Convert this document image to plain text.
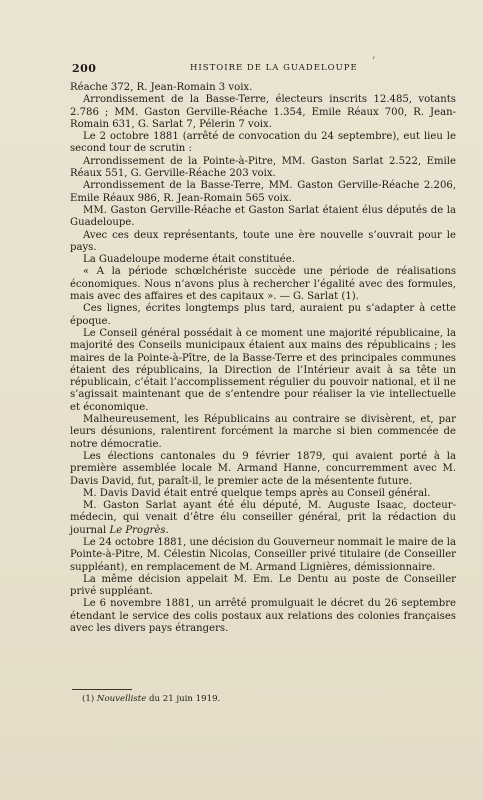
200	HISTOIRE DE LA GUADELOUPE
’

Réache 372, R. Jean-Romain 3 voix.

Arrondissement de la Basse-Terre, électeurs inscrits 12.485, votants 2.786 ; MM. Gaston Gerville-Réache 1.354, Emile Réaux 700, R. Jean-Romain 631, G. Sarlat 7, Pélerin 7 voix.

Le 2 octobre 1881 (arrêté de convocation du 24 septembre), eut lieu le second tour de scrutin :

Arrondissement de la Pointe-à-Pitre, MM. Gaston Sarlat 2.522, Emile Réaux 551, G. Gerville-Réache 203 voix.

Arrondissement de la Basse-Terre, MM. Gaston Gerville-Réache 2.206, Emile Réaux 986, R. Jean-Romain 565 voix.

MM. Gaston Gerville-Réache et Gaston Sarlat étaient élus députés de la Guadeloupe.

Avec ces deux représentants, toute une ère nouvelle s’ouvrait pour le pays.

La Guadeloupe moderne était constituée.

« A la période schœlchériste succède une période de réalisations économiques. Nous n’avons plus à rechercher l’égalité avec des formules, mais avec des affaires et des capitaux ». — G. Sarlat (1).

Ces lignes, écrites longtemps plus tard, auraient pu s’adapter à cette époque.

Le Conseil général possédait à ce moment une majorité républicaine, la majorité des Conseils municipaux étaient aux mains des républicains ; les maires de la Pointe-à-Pître, de la Basse-Terre et des principales communes étaient des républicains, la Direction de l’Intérieur avait à sa tête un républicain, c’était l’accomplissement régulier du pouvoir national, et il ne s’agissait maintenant que de s’entendre pour réaliser la vie intellectuelle et économique.

Malheureusement, les Républicains au contraire se divisèrent, et, par leurs désunions, ralentirent forcément la marche si bien commencée de notre démocratie.

Les élections cantonales du 9 février 1879, qui avaient porté à la première assemblée locale M. Armand Hanne, concurremment avec M. Davis David, fut, paraît-il, le premier acte de la mésentente future.

M. Davis David était entré quelque temps après au Conseil général.

M. Gaston Sarlat ayant été élu député, M. Auguste Isaac, docteur-médecin, qui venait d’être élu conseiller général, prit la rédaction du journal Le Progrès.

Le 24 octobre 1881, une décision du Gouverneur nommait le maire de la Pointe-à-Pitre, M. Célestin Nicolas, Conseiller privé titulaire (de Conseiller suppléant), en remplacement de M. Armand Lignières, démissionnaire.

La même décision appelait M. Em. Le Dentu au poste de Conseiller privé suppléant.

Le 6 novembre 1881, un arrêté promulguait le décret du 26 septembre étendant le service des colis postaux aux relations des colonies françaises avec les divers pays étrangers.

(1) Nouvelliste du 21 juin 1919.
